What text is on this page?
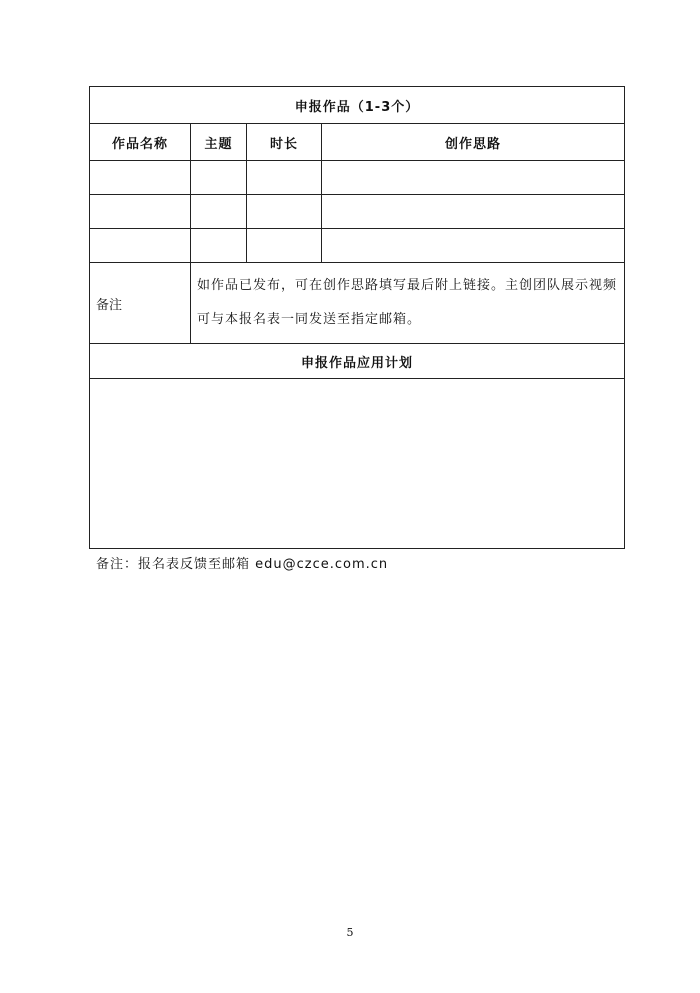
申报作品（1-3个）			
作品名称	主题	时长	创作思路

备注	如作品已发布，可在创作思路填写最后附上链接。主创团队展示视频可与本报名表一同发送至指定邮箱。		
申报作品应用计划			

备注：报名表反馈至邮箱 edu@czce.com.cn
5
